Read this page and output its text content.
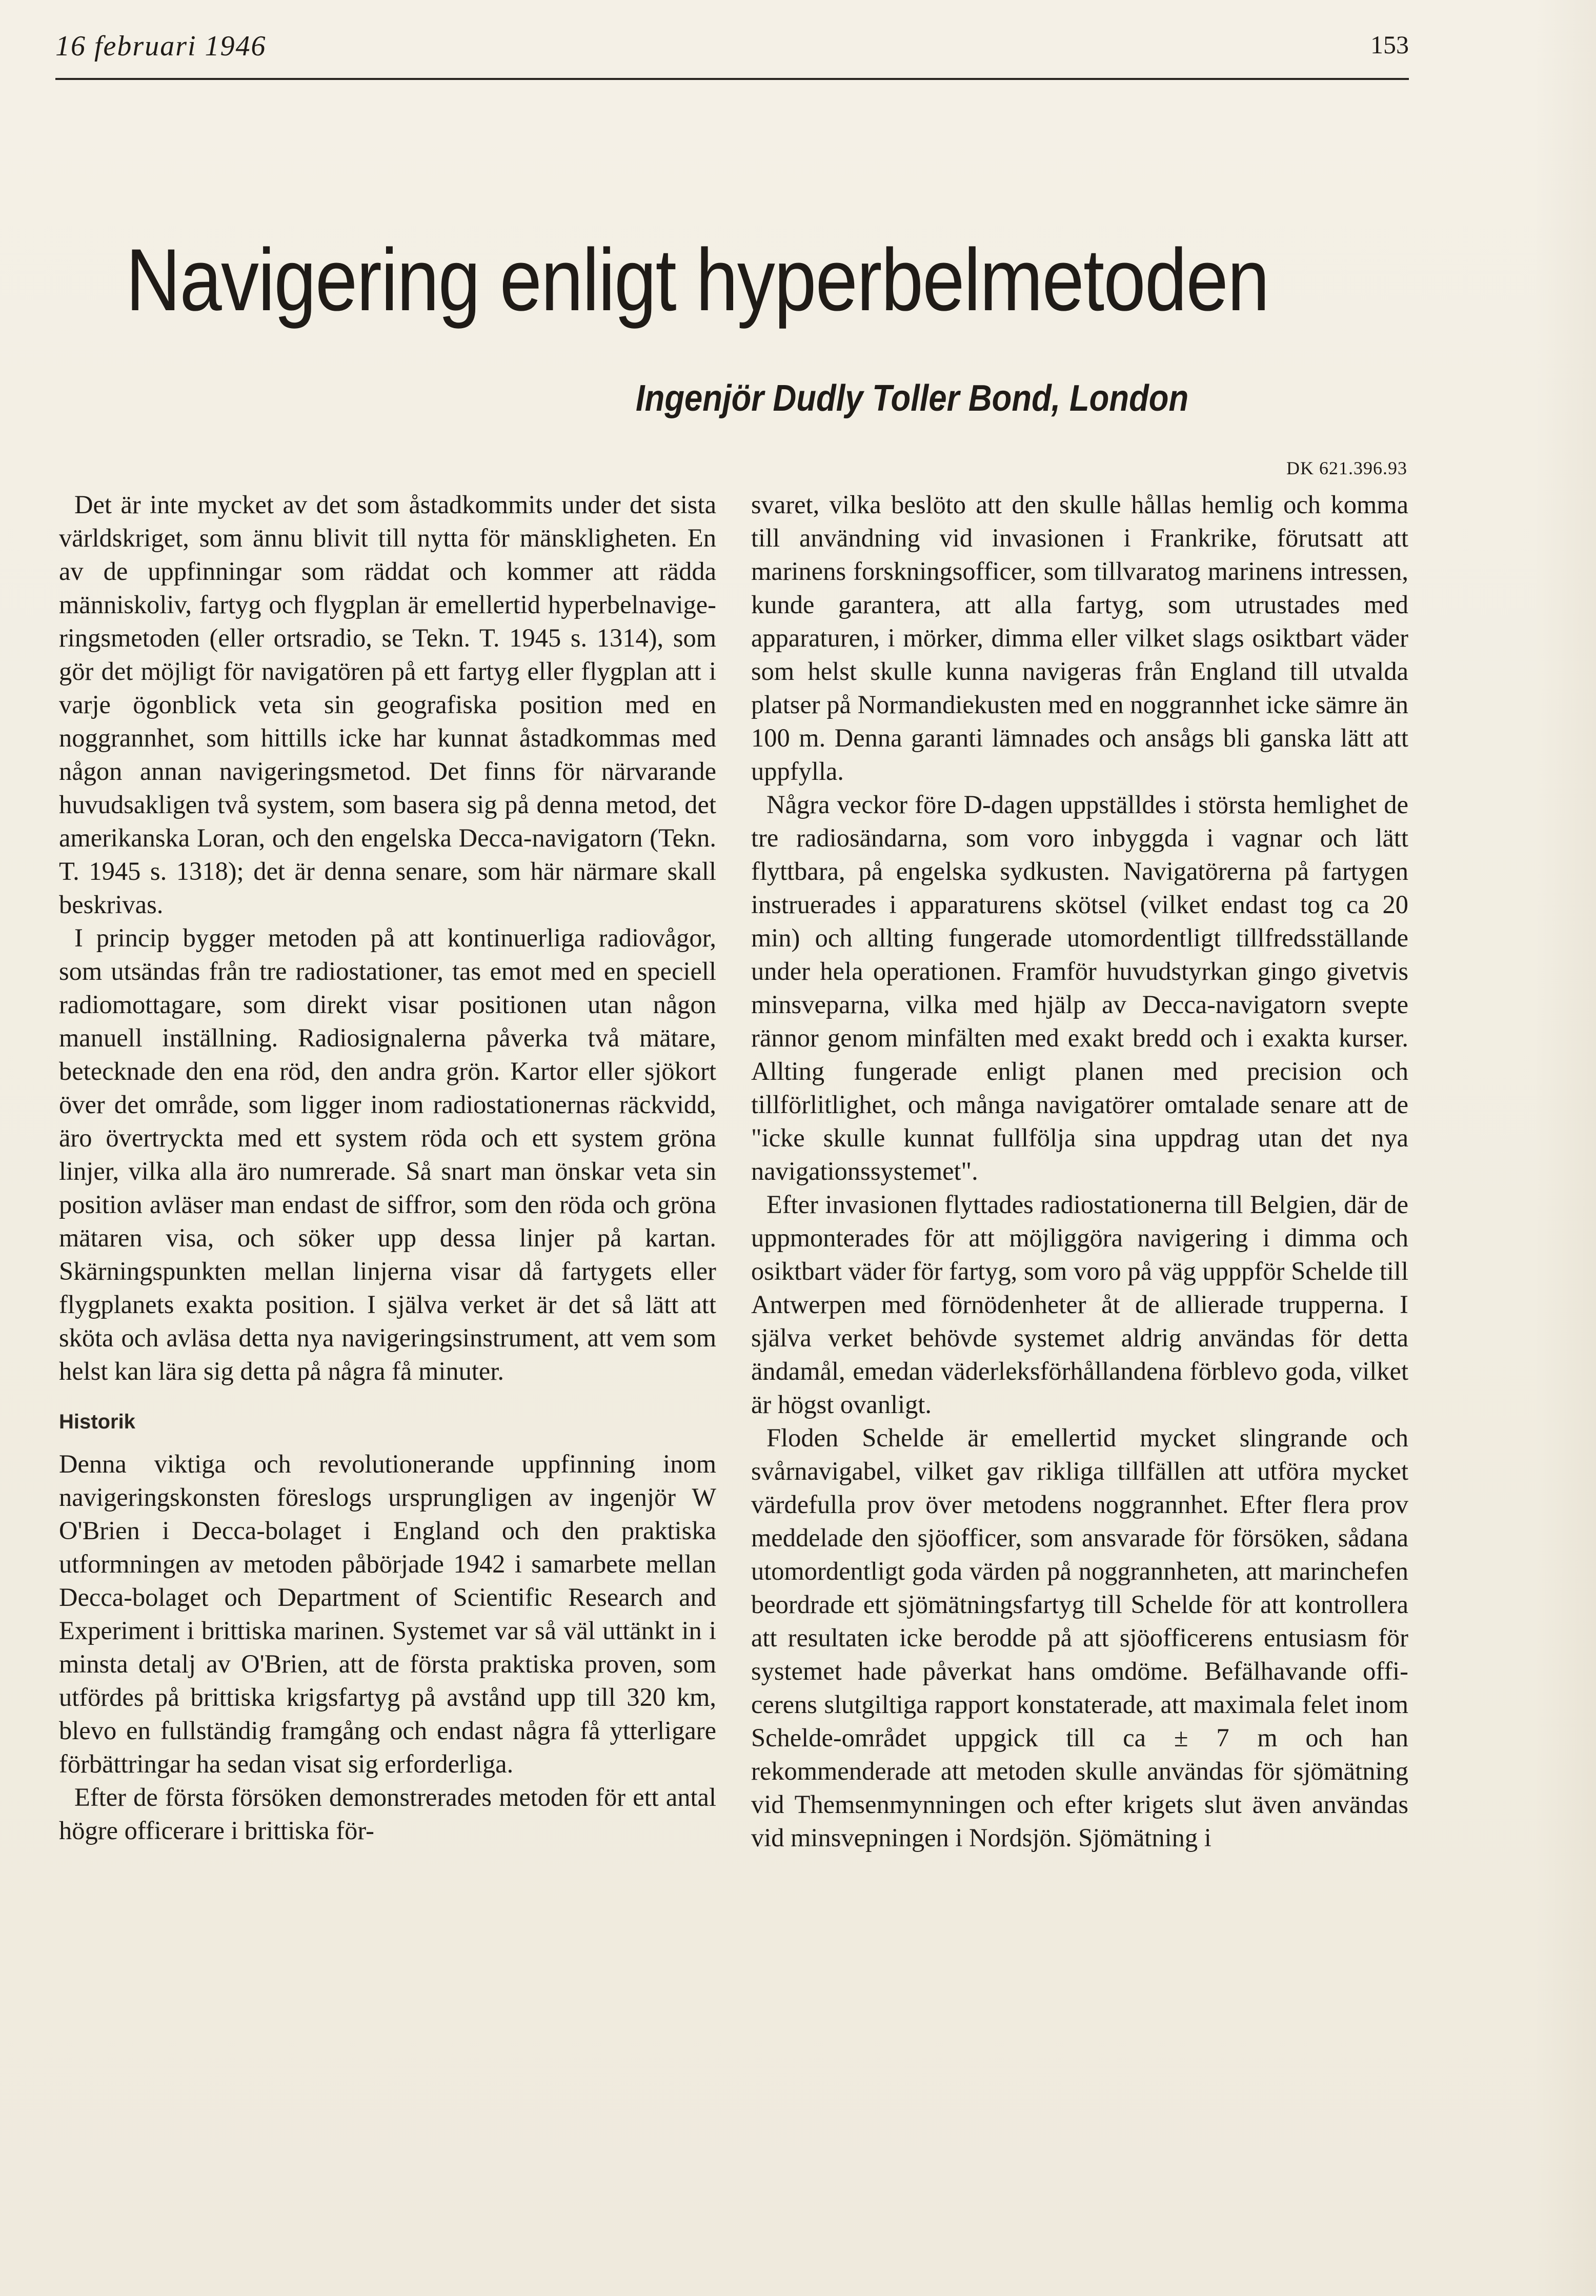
16 februari 1946	153
Navigering enligt hyperbelmetoden
Ingenjör Dudly Toller Bond, London
DK 621.396.93

Det är inte mycket av det som åstadkommits under det sista världskriget, som ännu blivit till nytta för mänskligheten. En av de uppfinningar som räddat och kommer att rädda människoliv, fartyg och flygplan är emellertid hyperbelnavigeringsmetoden (eller ortsradio, se Tekn. T. 1945 s. 1314), som gör det möjligt för navigatören på ett fartyg eller flygplan att i varje ögonblick veta sin geografiska position med en noggrannhet, som hittills icke har kunnat åstadkommas med någon annan navigeringsmetod. Det finns för närvarande huvudsakligen två system, som basera sig på denna metod, det amerikanska Loran, och den engelska Decca-navigatorn (Tekn. T. 1945 s. 1318); det är denna senare, som här närmare skall beskrivas.

I princip bygger metoden på att kontinuerliga radiovågor, som utsändas från tre radiostationer, tas emot med en speciell radiomottagare, som direkt visar positionen utan någon manuell inställning. Radiosignalerna påverka två mätare, betecknade den ena röd, den andra grön. Kartor eller sjökort över det område, som ligger inom radiostationernas räckvidd, äro övertryckta med ett system röda och ett system gröna linjer, vilka alla äro numrerade. Så snart man önskar veta sin position avläser man endast de siffror, som den röda och gröna mätaren visa, och söker upp dessa linjer på kartan. Skärningspunkten mellan linjerna visar då fartygets eller flygplanets exakta position. I själva verket är det så lätt att sköta och avläsa detta nya navigeringsinstrument, att vem som helst kan lära sig detta på några få minuter.

Historik

Denna viktiga och revolutionerande uppfinning inom navigeringskonsten föreslogs ursprungligen av ingenjör W O'Brien i Decca-bolaget i England och den praktiska utformningen av metoden påbörjade 1942 i samarbete mellan Decca-bolaget och Department of Scientific Research and Experiment i brittiska marinen. Systemet var så väl uttänkt in i minsta detalj av O'Brien, att de första praktiska proven, som utfördes på brittiska krigsfartyg på avstånd upp till 320 km, blevo en fullständig framgång och endast några få ytterligare förbättringar ha sedan visat sig erforderliga.

Efter de första försöken demonstrerades metoden för ett antal högre officerare i brittiska för-

svaret, vilka beslöto att den skulle hållas hemlig och komma till användning vid invasionen i Frankrike, förutsatt att marinens forskningsofficer, som tillvaratog marinens intressen, kunde garantera, att alla fartyg, som utrustades med apparaturen, i mörker, dimma eller vilket slags osiktbart väder som helst skulle kunna navigeras från England till utvalda platser på Normandiekusten med en noggrannhet icke sämre än 100 m. Denna garanti lämnades och ansågs bli ganska lätt att uppfylla.

Några veckor före D-dagen uppställdes i största hemlighet de tre radiosändarna, som voro inbyggda i vagnar och lätt flyttbara, på engelska sydkusten. Navigatörerna på fartygen instruerades i apparaturens skötsel (vilket endast tog ca 20 min) och allting fungerade utomordentligt tillfredsställande under hela operationen. Framför huvudstyrkan gingo givetvis minsveparna, vilka med hjälp av Decca-navigatorn svepte rännor genom minfälten med exakt bredd och i exakta kurser. Allting fungerade enligt planen med precision och tillförlitlighet, och många navigatörer omtalade senare att de "icke skulle kunnat fullfölja sina uppdrag utan det nya navigationssystemet".

Efter invasionen flyttades radiostationerna till Belgien, där de uppmonterades för att möjliggöra navigering i dimma och osiktbart väder för fartyg, som voro på väg upppför Schelde till Antwerpen med förnödenheter åt de allierade trupperna. I själva verket behövde systemet aldrig användas för detta ändamål, emedan väderleksförhållandena förblevo goda, vilket är högst ovanligt.

Floden Schelde är emellertid mycket slingrande och svårnavigabel, vilket gav rikliga tillfällen att utföra mycket värdefulla prov över metodens noggrannhet. Efter flera prov meddelade den sjöofficer, som ansvarade för försöken, sådana utomordentligt goda värden på noggrannheten, att marinchefen beordrade ett sjömätningsfartyg till Schelde för att kontrollera att resultaten icke berodde på att sjöofficerens entusiasm för systemet hade påverkat hans omdöme. Befälhavande officerens slutgiltiga rapport konstaterade, att maximala felet inom Schelde-området uppgick till ca ± 7 m och han rekommenderade att metoden skulle användas för sjömätning vid Themsenmynningen och efter krigets slut även användas vid minsvepningen i Nordsjön. Sjömätning i
